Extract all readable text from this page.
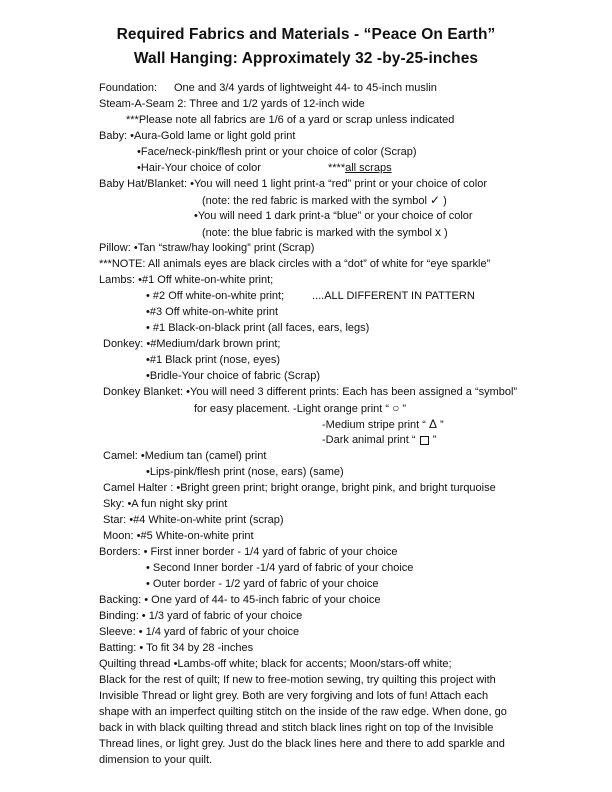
Required Fabrics and Materials - “Peace On Earth”
Wall Hanging: Approximately 32 -by-25-inches
Foundation: One and 3/4 yards of lightweight 44- to 45-inch muslin
Steam-A-Seam 2: Three and 1/2 yards of 12-inch wide
***Please note all fabrics are 1/6 of a yard or scrap unless indicated
Baby: •Aura-Gold lame or light gold print
•Face/neck-pink/flesh print or your choice of color (Scrap)
•Hair-Your choice of color	****all scraps
Baby Hat/Blanket: •You will need 1 light print-a “red” print or your choice of color
(note: the red fabric is marked with the symbol ✓ )
•You will need 1 dark print-a “blue” or your choice of color
(note: the blue fabric is marked with the symbol x )
Pillow: •Tan “straw/hay looking” print (Scrap)
***NOTE: All animals eyes are black circles with a “dot” of white for “eye sparkle”
Lambs: •#1 Off white-on-white print;
• #2 Off white-on-white print;	....ALL DIFFERENT IN PATTERN
•#3 Off white-on-white print
• #1 Black-on-black print (all faces, ears, legs)
Donkey: •#Medium/dark brown print;
•#1 Black print (nose, eyes)
•Bridle-Your choice of fabric (Scrap)
Donkey Blanket: •You will need 3 different prints: Each has been assigned a “symbol”
for easy placement. -Light orange print “ ○ ”
-Medium stripe print “ Δ ”
-Dark animal print “  ”
Camel: •Medium tan (camel) print
•Lips-pink/flesh print (nose, ears) (same)
Camel Halter : •Bright green print; bright orange, bright pink, and bright turquoise
Sky: •A fun night sky print
Star: •#4 White-on-white print (scrap)
Moon: •#5 White-on-white print
Borders: • First inner border - 1/4 yard of fabric of your choice
• Second Inner border -1/4 yard of fabric of your choice
• Outer border - 1/2 yard of fabric of your choice
Backing: • One yard of 44- to 45-inch fabric of your choice
Binding: • 1/3 yard of fabric of your choice
Sleeve: • 1/4 yard of fabric of your choice
Batting: • To fit 34 by 28 -inches
Quilting thread •Lambs-off white; black for accents; Moon/stars-off white;
Black for the rest of quilt; If new to free-motion sewing, try quilting this project with
Invisible Thread or light grey. Both are very forgiving and lots of fun! Attach each
shape with an imperfect quilting stitch on the inside of the raw edge. When done, go
back in with black quilting thread and stitch black lines right on top of the Invisible
Thread lines, or light grey. Just do the black lines here and there to add sparkle and
dimension to your quilt.
